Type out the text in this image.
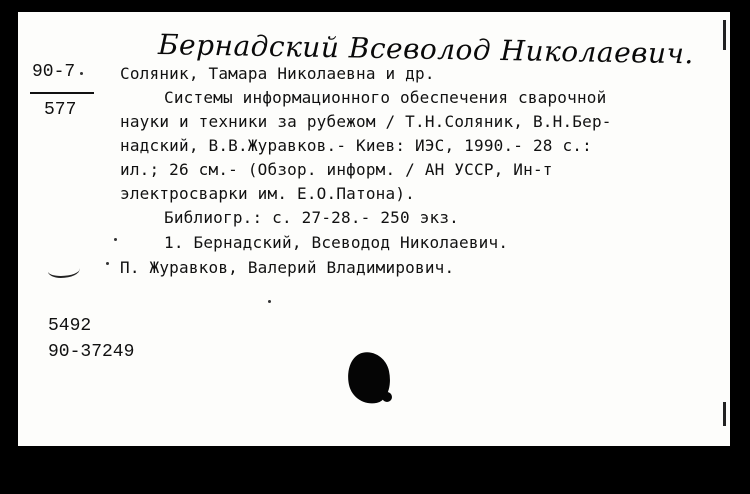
Бернадский Всеволод Николаевич.
90-7
577
Соляник, Тамара Николаевна и др.
Системы информационного обеспечения сварочной
науки и техники за рубежом / Т.Н.Соляник, В.Н.Бер-
надский, В.В.Журавков.- Киев: ИЭС, 1990.- 28 с.:
ил.; 26 см.- (Обзор. информ. / АН УССР, Ин-т
электросварки им. Е.О.Патона).
Библиогр.: с. 27-28.- 250 экз.
1. Бернадский, Всеводод Николаевич.
П. Журавков, Валерий Владимирович.
5492
90-37249
